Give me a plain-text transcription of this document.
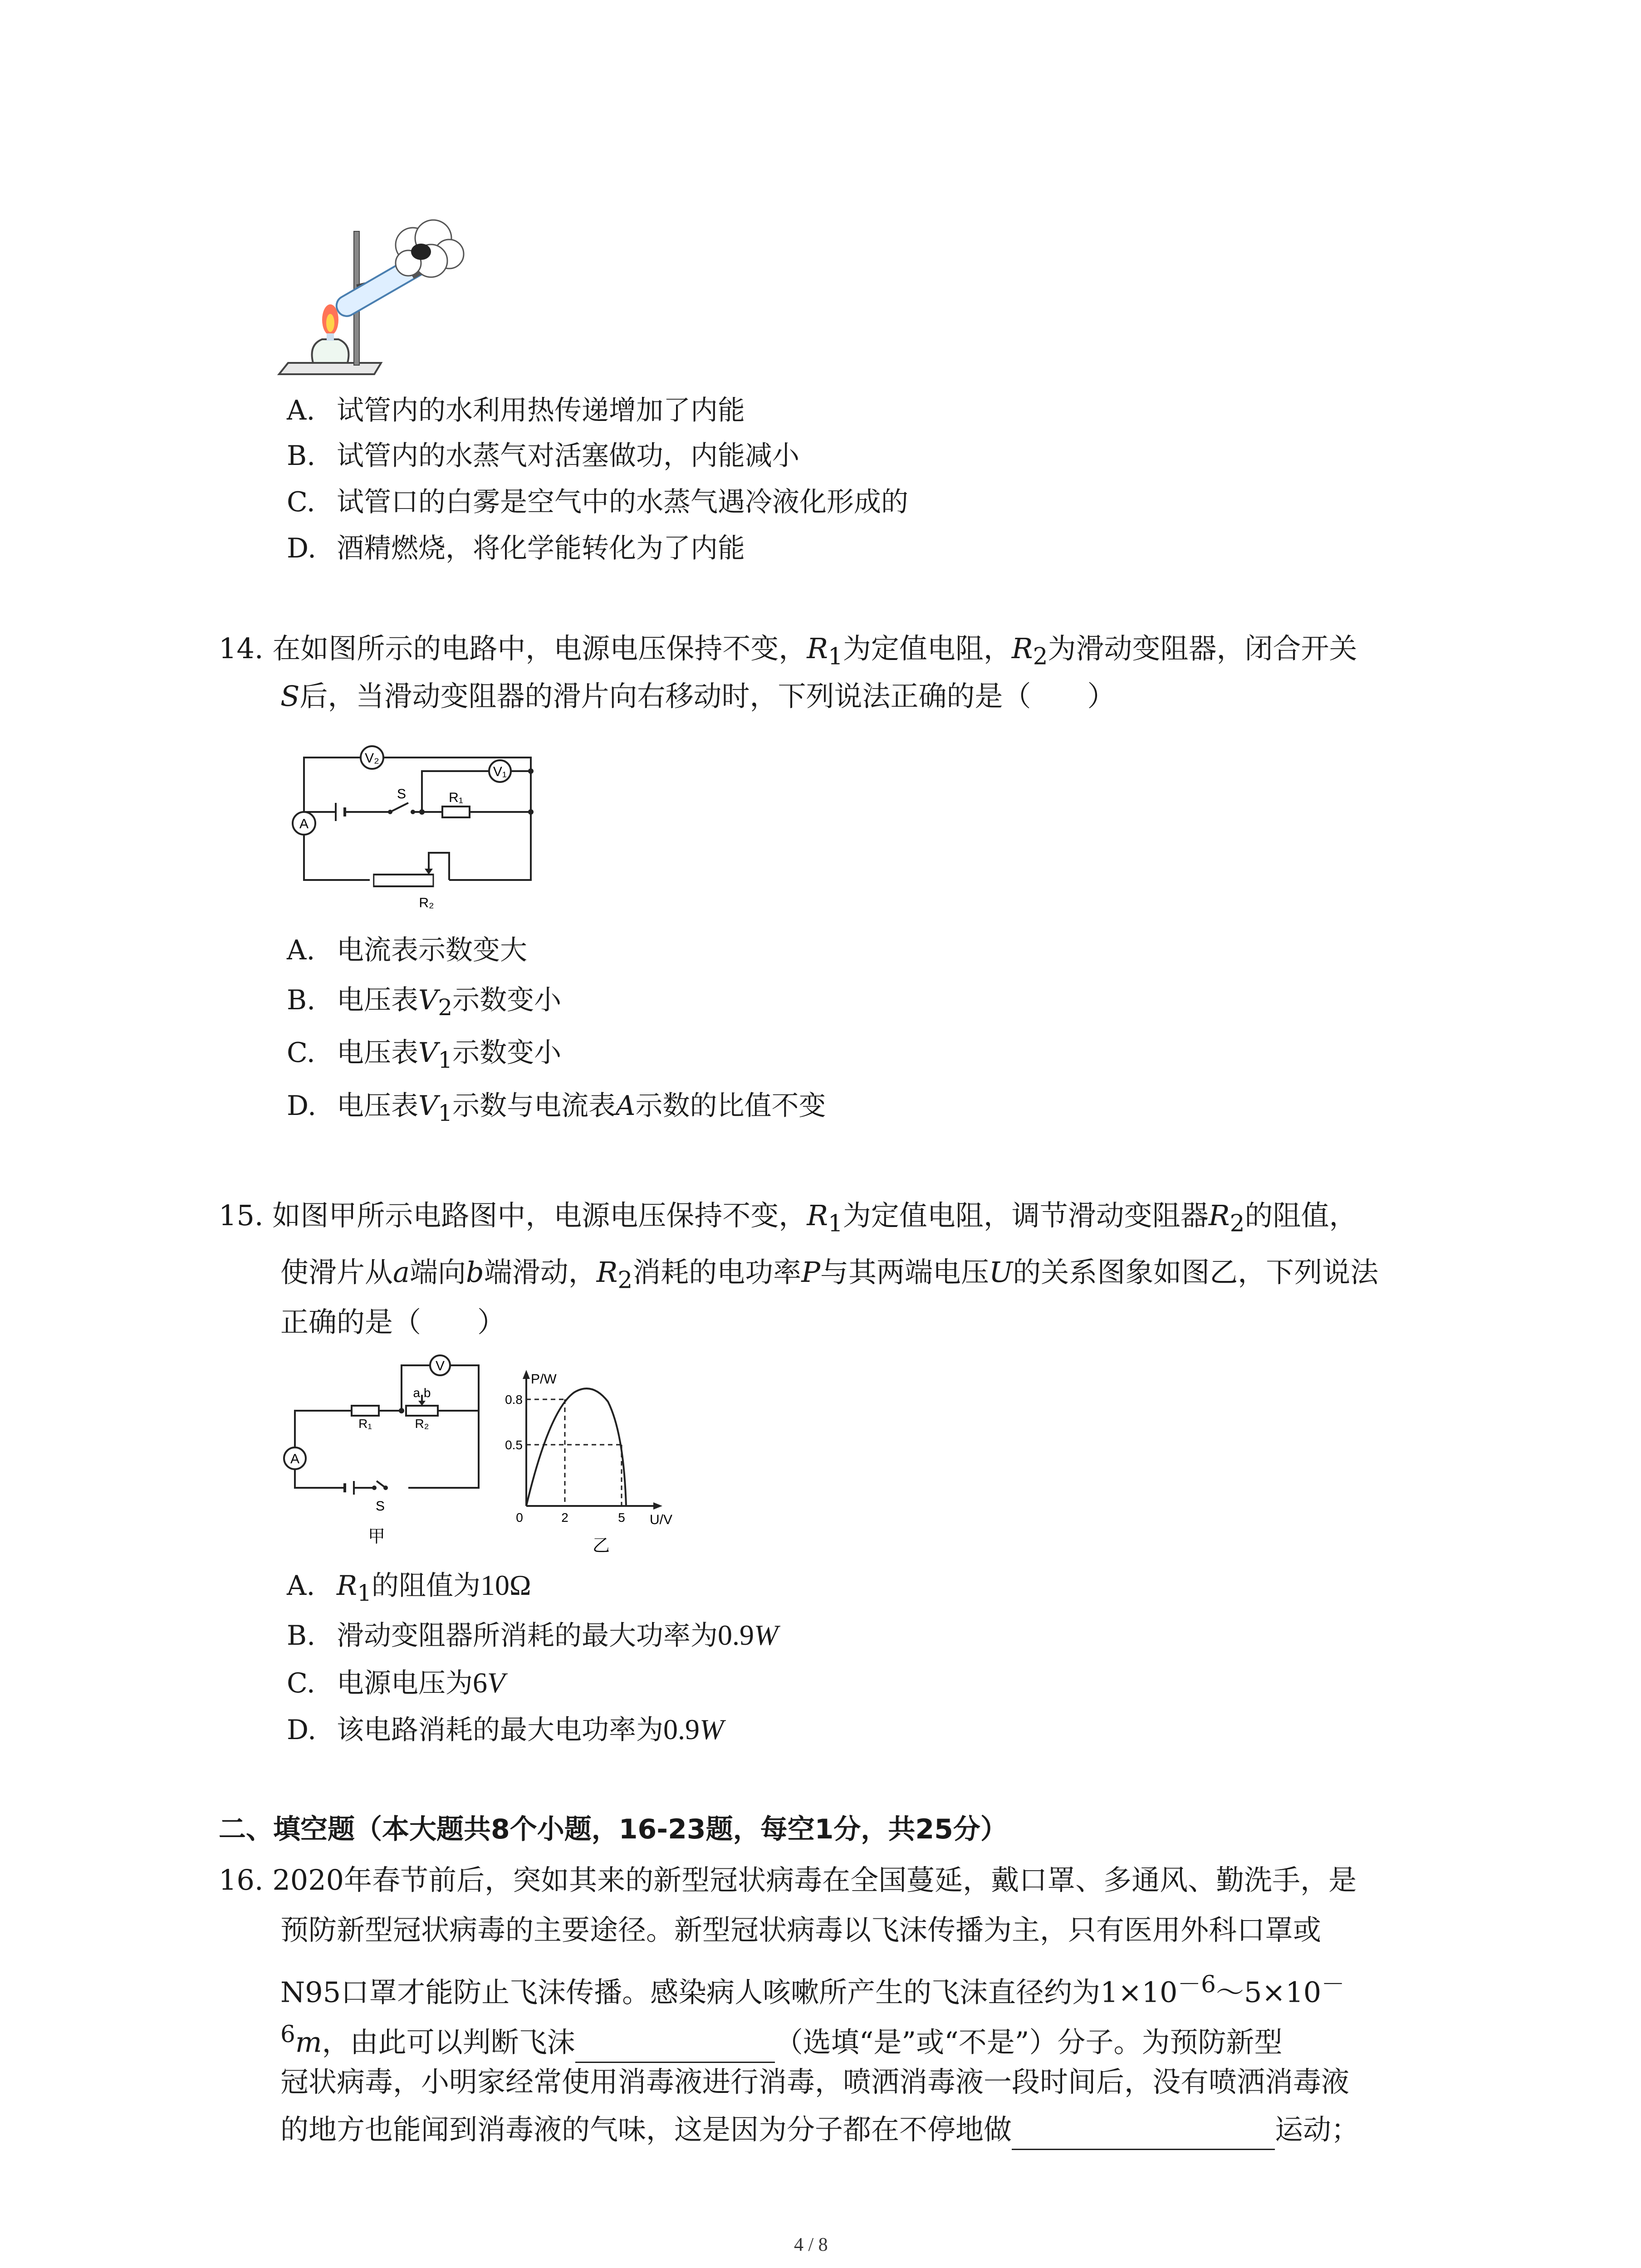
A. 试管内的水利用热传递增加了内能
B. 试管内的水蒸气对活塞做功，内能减小
C. 试管口的白雾是空气中的水蒸气遇冷液化形成的
D. 酒精燃烧，将化学能转化为了内能
14. 在如图所示的电路中，电源电压保持不变，$R_1$为定值电阻，$R_2$为滑动变阻器，闭合开关
S后，当滑动变阻器的滑片向右移动时，下列说法正确的是（　　）
V₂
V₁
A
S	R₁
R₂
A. 电流表示数变大
B. 电压表$V_2$示数变小
C. 电压表$V_1$示数变小
D. 电压表$V_1$示数与电流表A示数的比值不变
15. 如图甲所示电路图中，电源电压保持不变，$R_1$为定值电阻，调节滑动变阻器$R_2$的阻值，
使滑片从a端向b端滑动，$R_2$消耗的电功率P与其两端电压U的关系图象如图乙，下列说法
正确的是（　　）
V
A
R₁	R₂
a b
S
甲
P/W
U/V
0.8
0.5
0	2	5
乙
A. $R_1$的阻值为10Ω
B. 滑动变阻器所消耗的最大功率为0.9W
C. 电源电压为6V
D. 该电路消耗的最大电功率为0.9W
二、填空题（本大题共8个小题，16-23题，每空1分，共25分）
16. 2020年春节前后，突如其来的新型冠状病毒在全国蔓延，戴口罩、多通风、勤洗手，是
预防新型冠状病毒的主要途径。新型冠状病毒以飞沫传播为主，只有医用外科口罩或
N95口罩才能防止飞沫传播。感染病人咳嗽所产生的飞沫直径约为$1\times 10^{-6}\sim 5\times 10^-$
$^6$m，由此可以判断飞沫	（选填“是”或“不是”）分子。为预防新型
冠状病毒，小明家经常使用消毒液进行消毒，喷洒消毒液一段时间后，没有喷洒消毒液
的地方也能闻到消毒液的气味，这是因为分子都在不停地做	运动；
4 / 8
